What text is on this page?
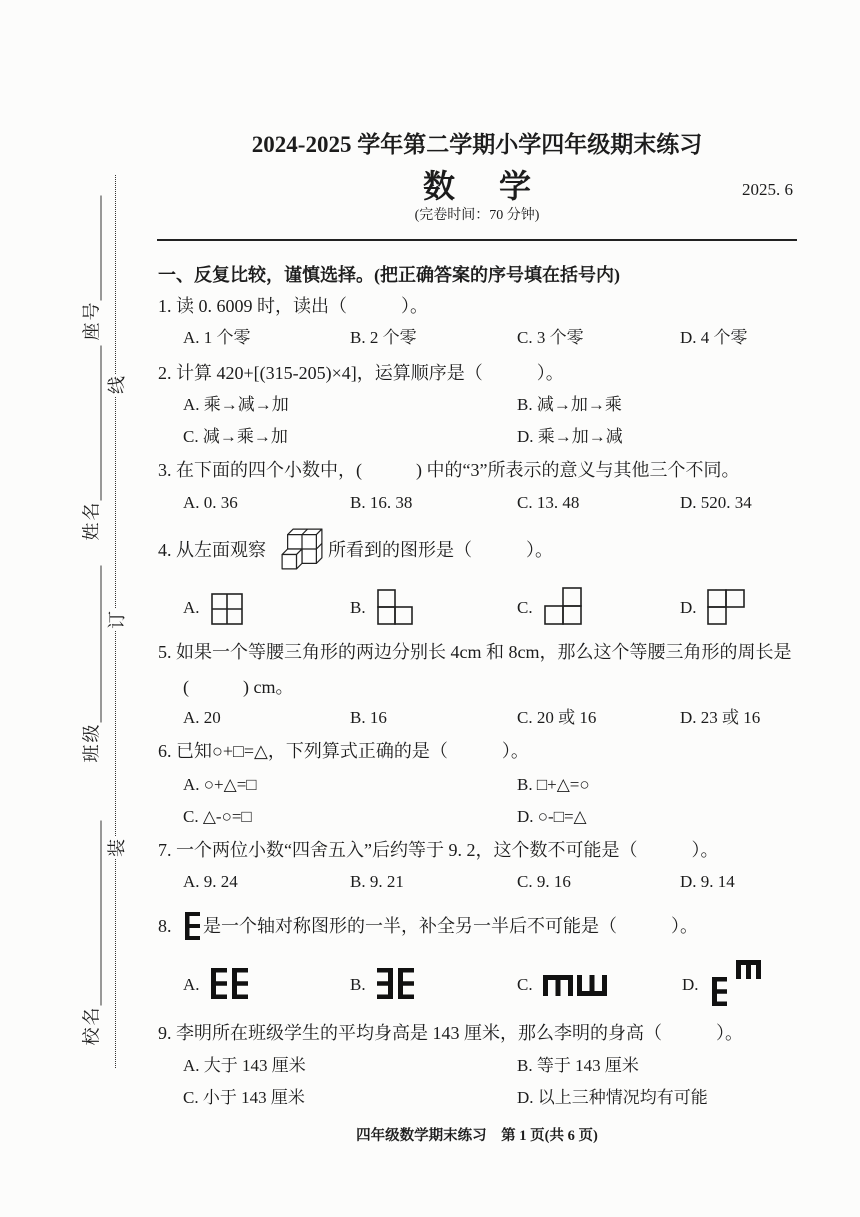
2024-2025 学年第二学期小学四年级期末练习
数 学	2025. 6
(完卷时间：70 分钟)
座号
姓名
班级
校名
线
订
装
一、反复比较，谨慎选择。(把正确答案的序号填在括号内)
1. 读 0. 6009 时，读出（　　　）。
A. 1 个零	B. 2 个零	C. 3 个零	D. 4 个零
2. 计算 420+[(315-205)×4]，运算顺序是（　　　）。
A. 乘→减→加	B. 减→加→乘
C. 减→乘→加	D. 乘→加→减
3. 在下面的四个小数中，(　　　) 中的“3”所表示的意义与其他三个不同。
A. 0. 36	B. 16. 38	C. 13. 48	D. 520. 34
4. 从左面观察	所看到的图形是（　　　）。
A.	B.	C.	D.
5. 如果一个等腰三角形的两边分别长 4cm 和 8cm，那么这个等腰三角形的周长是
(　　　) cm。
A. 20	B. 16	C. 20 或 16	D. 23 或 16
6. 已知○+□=△，下列算式正确的是（　　　）。
A. ○+△=□	B. □+△=○
C. △-○=□	D. ○-□=△
7. 一个两位小数“四舍五入”后约等于 9. 2，这个数不可能是（　　　）。
A. 9. 24	B. 9. 21	C. 9. 16	D. 9. 14
8. 是一个轴对称图形的一半，补全另一半后不可能是（　　　）。
A.	B.	C.	D.
9. 李明所在班级学生的平均身高是 143 厘米，那么李明的身高（　　　）。
A. 大于 143 厘米	B. 等于 143 厘米
C. 小于 143 厘米	D. 以上三种情况均有可能
四年级数学期末练习　第 1 页(共 6 页)
